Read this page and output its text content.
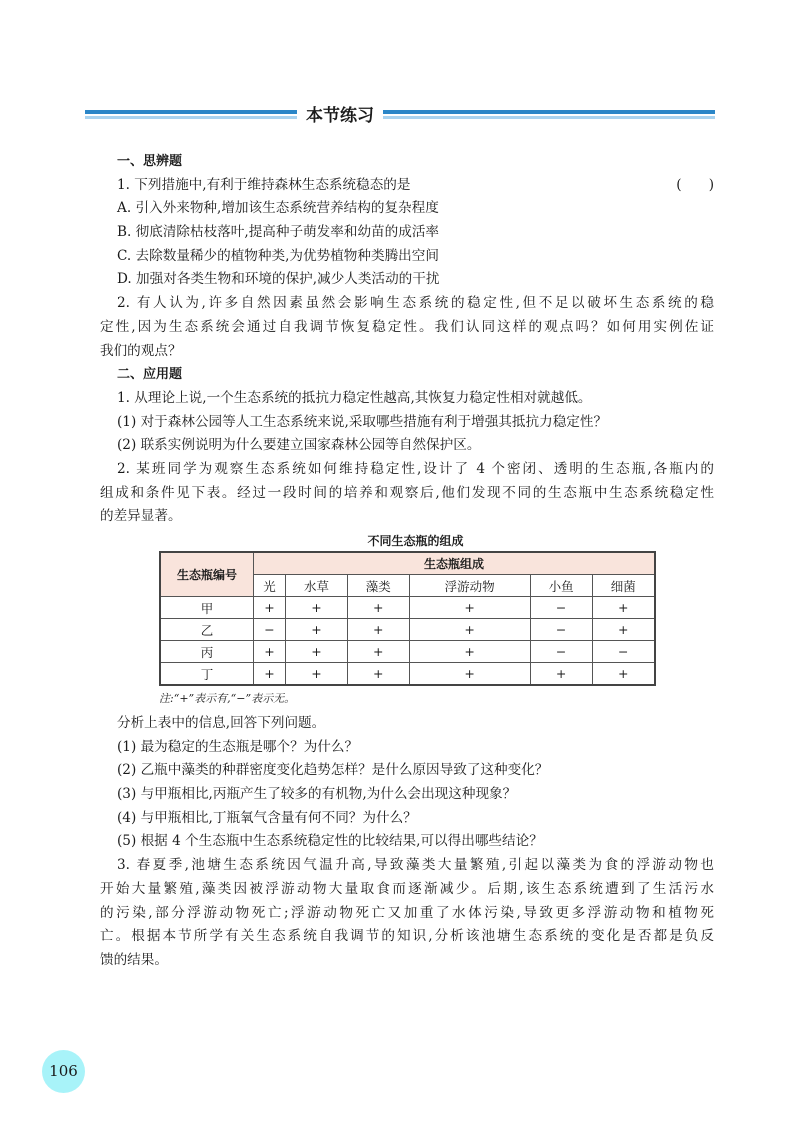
本节练习
一、思辨题
1. 下列措施中,有利于维持森林生态系统稳态的是	(　　)
A. 引入外来物种,增加该生态系统营养结构的复杂程度
B. 彻底清除枯枝落叶,提高种子萌发率和幼苗的成活率
C. 去除数量稀少的植物种类,为优势植物种类腾出空间
D. 加强对各类生物和环境的保护,减少人类活动的干扰
2. 有人认为,许多自然因素虽然会影响生态系统的稳定性,但不足以破坏生态系统的稳
定性,因为生态系统会通过自我调节恢复稳定性。我们认同这样的观点吗？如何用实例佐证
我们的观点？
二、应用题
1. 从理论上说,一个生态系统的抵抗力稳定性越高,其恢复力稳定性相对就越低。
(1) 对于森林公园等人工生态系统来说,采取哪些措施有利于增强其抵抗力稳定性？
(2) 联系实例说明为什么要建立国家森林公园等自然保护区。
2. 某班同学为观察生态系统如何维持稳定性,设计了 4 个密闭、透明的生态瓶,各瓶内的
组成和条件见下表。经过一段时间的培养和观察后,他们发现不同的生态瓶中生态系统稳定性
的差异显著。
不同生态瓶的组成
生态瓶编号	生态瓶组成					
	光	水草	藻类	浮游动物	小鱼	细菌
甲	+	+	+	+	−	+
乙	−	+	+	+	−	+
丙	+	+	+	+	−	−
丁	+	+	+	+	+	+
注:“+”表示有,“−”表示无。
分析上表中的信息,回答下列问题。
(1) 最为稳定的生态瓶是哪个？为什么？
(2) 乙瓶中藻类的种群密度变化趋势怎样？是什么原因导致了这种变化？
(3) 与甲瓶相比,丙瓶产生了较多的有机物,为什么会出现这种现象？
(4) 与甲瓶相比,丁瓶氧气含量有何不同？为什么？
(5) 根据 4 个生态瓶中生态系统稳定性的比较结果,可以得出哪些结论？
3. 春夏季,池塘生态系统因气温升高,导致藻类大量繁殖,引起以藻类为食的浮游动物也
开始大量繁殖,藻类因被浮游动物大量取食而逐渐减少。后期,该生态系统遭到了生活污水
的污染,部分浮游动物死亡;浮游动物死亡又加重了水体污染,导致更多浮游动物和植物死
亡。根据本节所学有关生态系统自我调节的知识,分析该池塘生态系统的变化是否都是负反
馈的结果。
106
